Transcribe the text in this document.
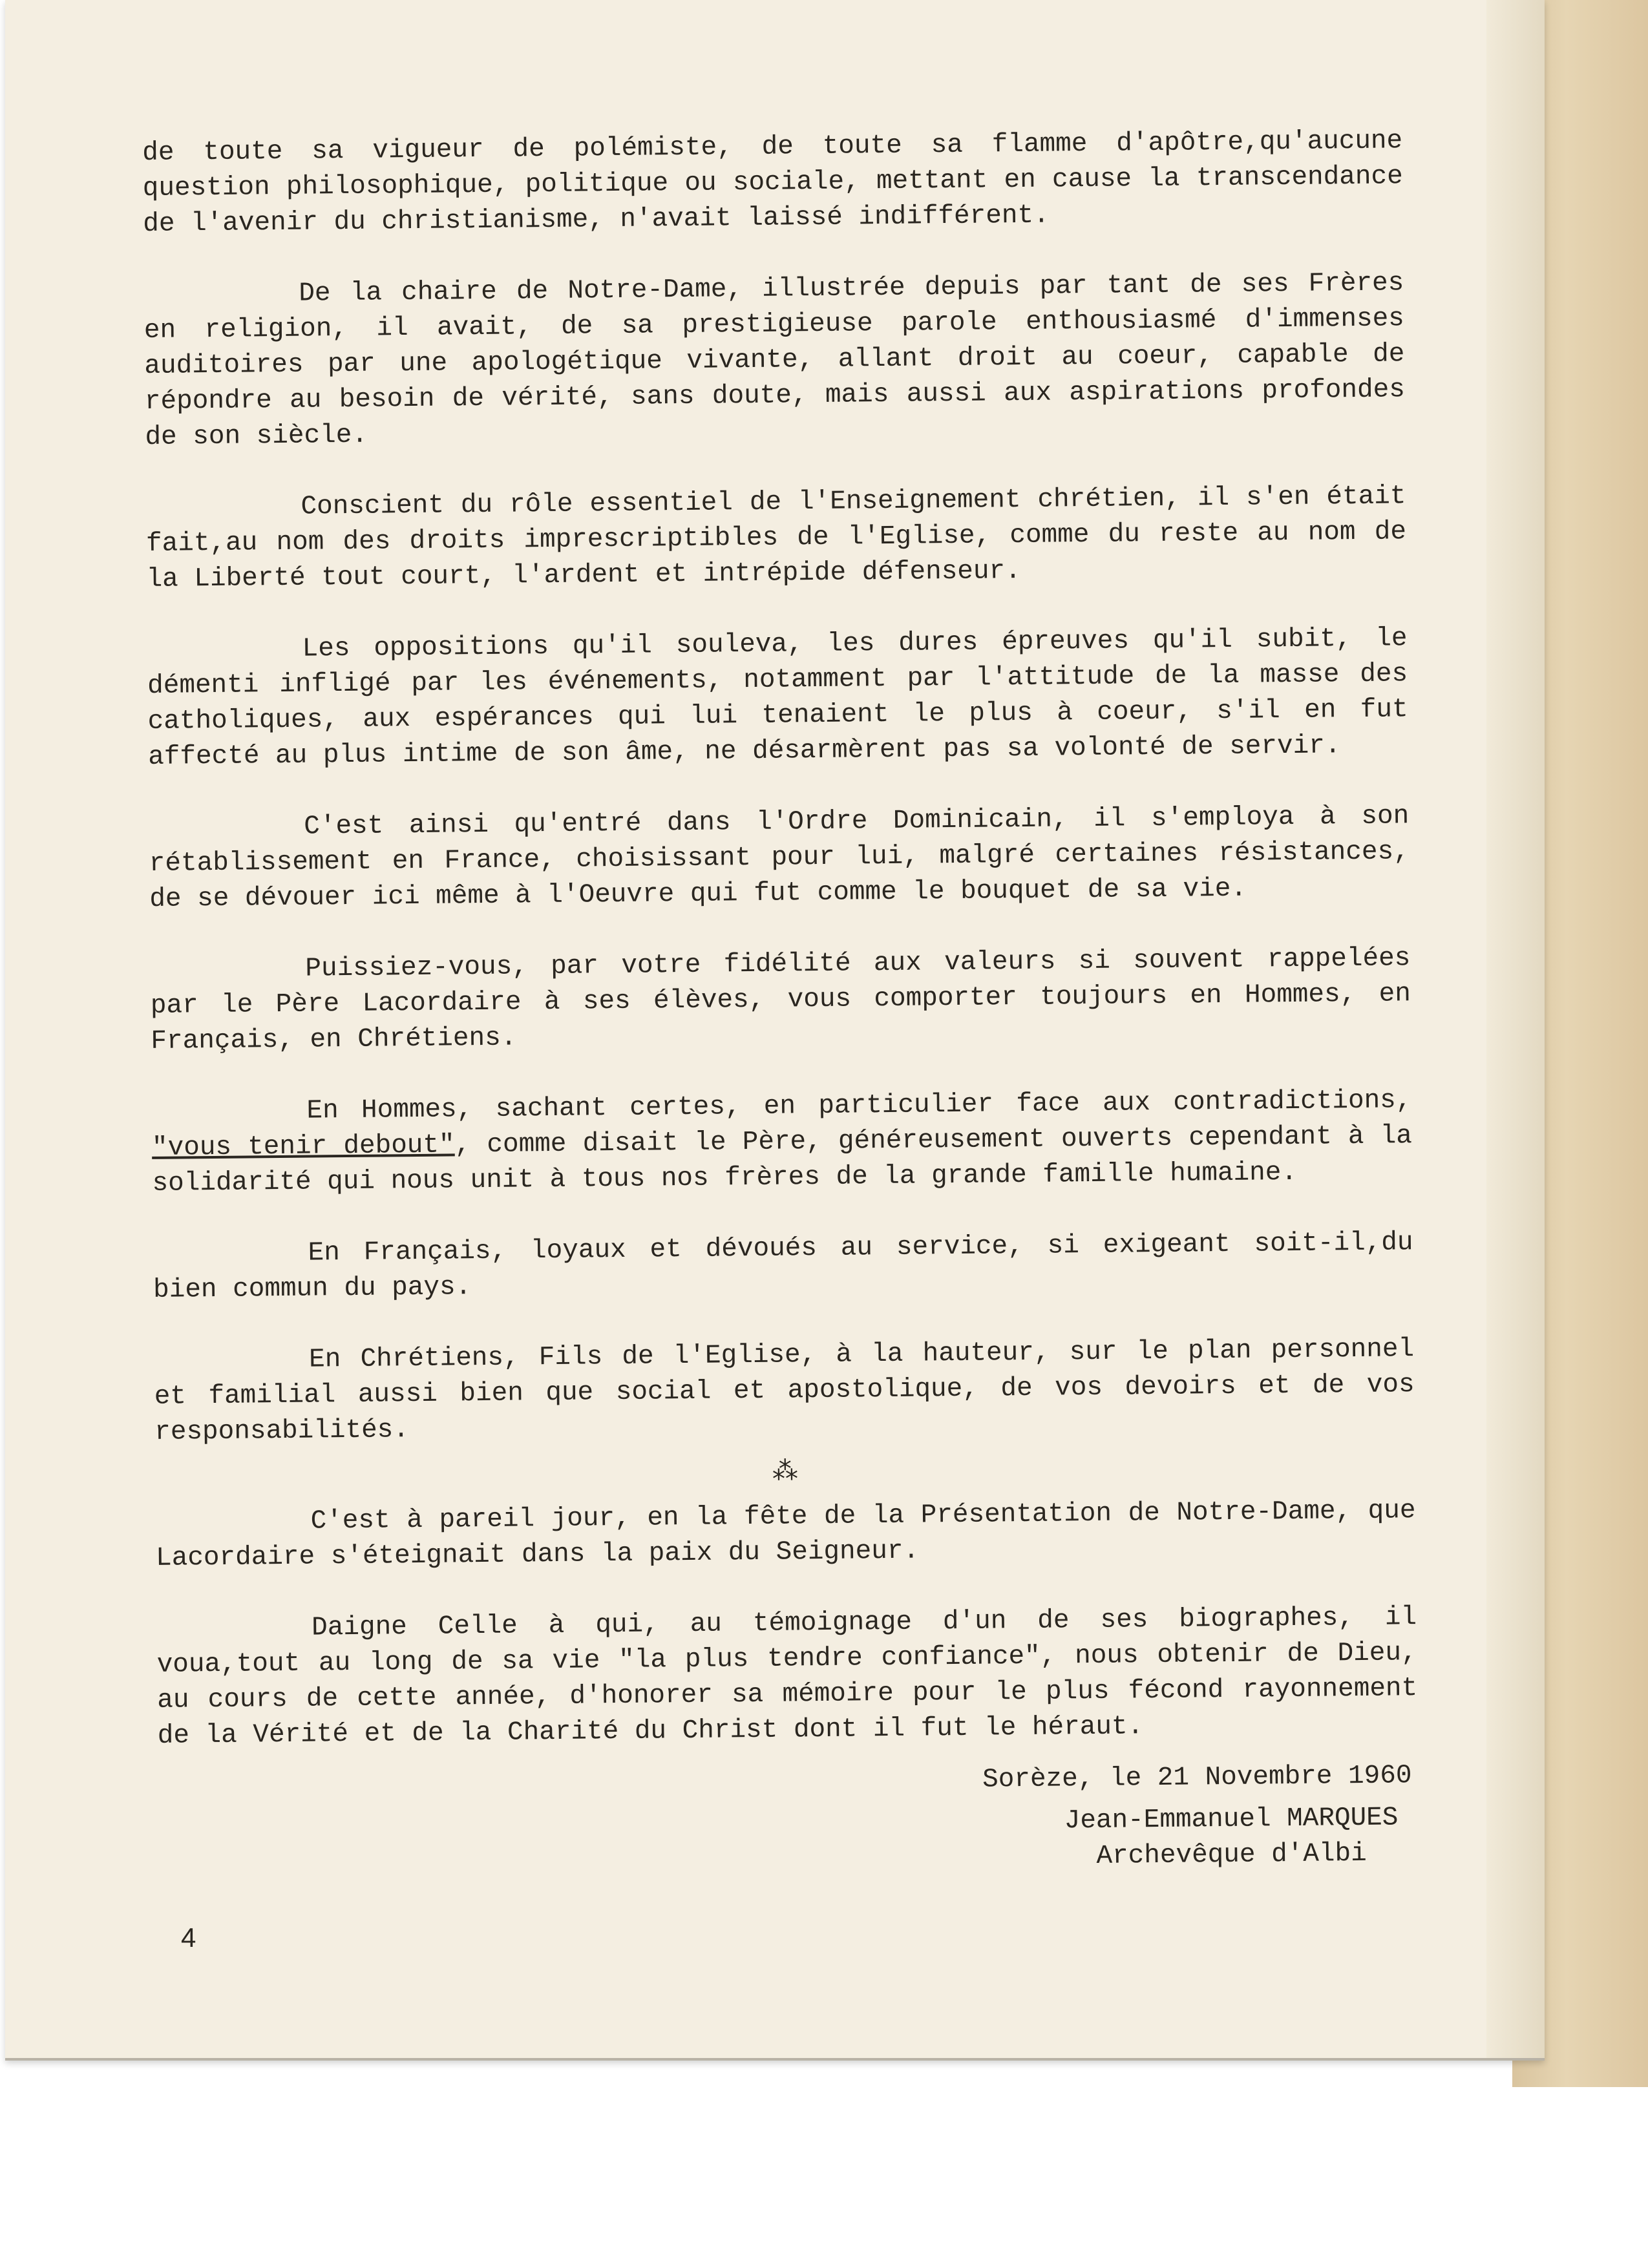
de toute sa vigueur de polémiste, de toute sa flamme d'apôtre,qu'aucune question philosophique, politique ou sociale, mettant en cause la transcendance de l'avenir du christianisme, n'avait laissé indifférent.

De la chaire de Notre-Dame, illustrée depuis par tant de ses Frères en religion, il avait, de sa prestigieuse parole enthousiasmé d'immenses auditoires par une apologétique vivante, allant droit au coeur, capable de répondre au besoin de vérité, sans doute, mais aussi aux aspirations profondes de son siècle.

Conscient du rôle essentiel de l'Enseignement chrétien, il s'en était fait,au nom des droits imprescriptibles de l'Eglise, comme du reste au nom de la Liberté tout court, l'ardent et intrépide défenseur.

Les oppositions qu'il souleva, les dures épreuves qu'il subit, le démenti infligé par les événements, notamment par l'attitude de la masse des catholiques, aux espérances qui lui tenaient le plus à coeur, s'il en fut affecté au plus intime de son âme, ne désarmèrent pas sa volonté de servir.

C'est ainsi qu'entré dans l'Ordre Dominicain, il s'employa à son rétablissement en France, choisissant pour lui, malgré certaines résistances, de se dévouer ici même à l'Oeuvre qui fut comme le bouquet de sa vie.

Puissiez-vous, par votre fidélité aux valeurs si souvent rappelées par le Père Lacordaire à ses élèves, vous comporter toujours en Hommes, en Français, en Chrétiens.

En Hommes, sachant certes, en particulier face aux contradictions, "vous tenir debout", comme disait le Père, généreusement ouverts cependant à la solidarité qui nous unit à tous nos frères de la grande famille humaine.

En Français, loyaux et dévoués au service, si exigeant soit-il,du bien commun du pays.

En Chrétiens, Fils de l'Eglise, à la hauteur, sur le plan personnel et familial aussi bien que social et apostolique, de vos devoirs et de vos responsabilités.

⁂

C'est à pareil jour, en la fête de la Présentation de Notre-Dame, que Lacordaire s'éteignait dans la paix du Seigneur.

Daigne Celle à qui, au témoignage d'un de ses biographes, il voua,tout au long de sa vie "la plus tendre confiance", nous obtenir de Dieu, au cours de cette année, d'honorer sa mémoire pour le plus fécond rayonnement de la Vérité et de la Charité du Christ dont il fut le héraut.

Sorèze, le 21 Novembre 1960

Jean-Emmanuel MARQUES
Archevêque d'Albi
4
